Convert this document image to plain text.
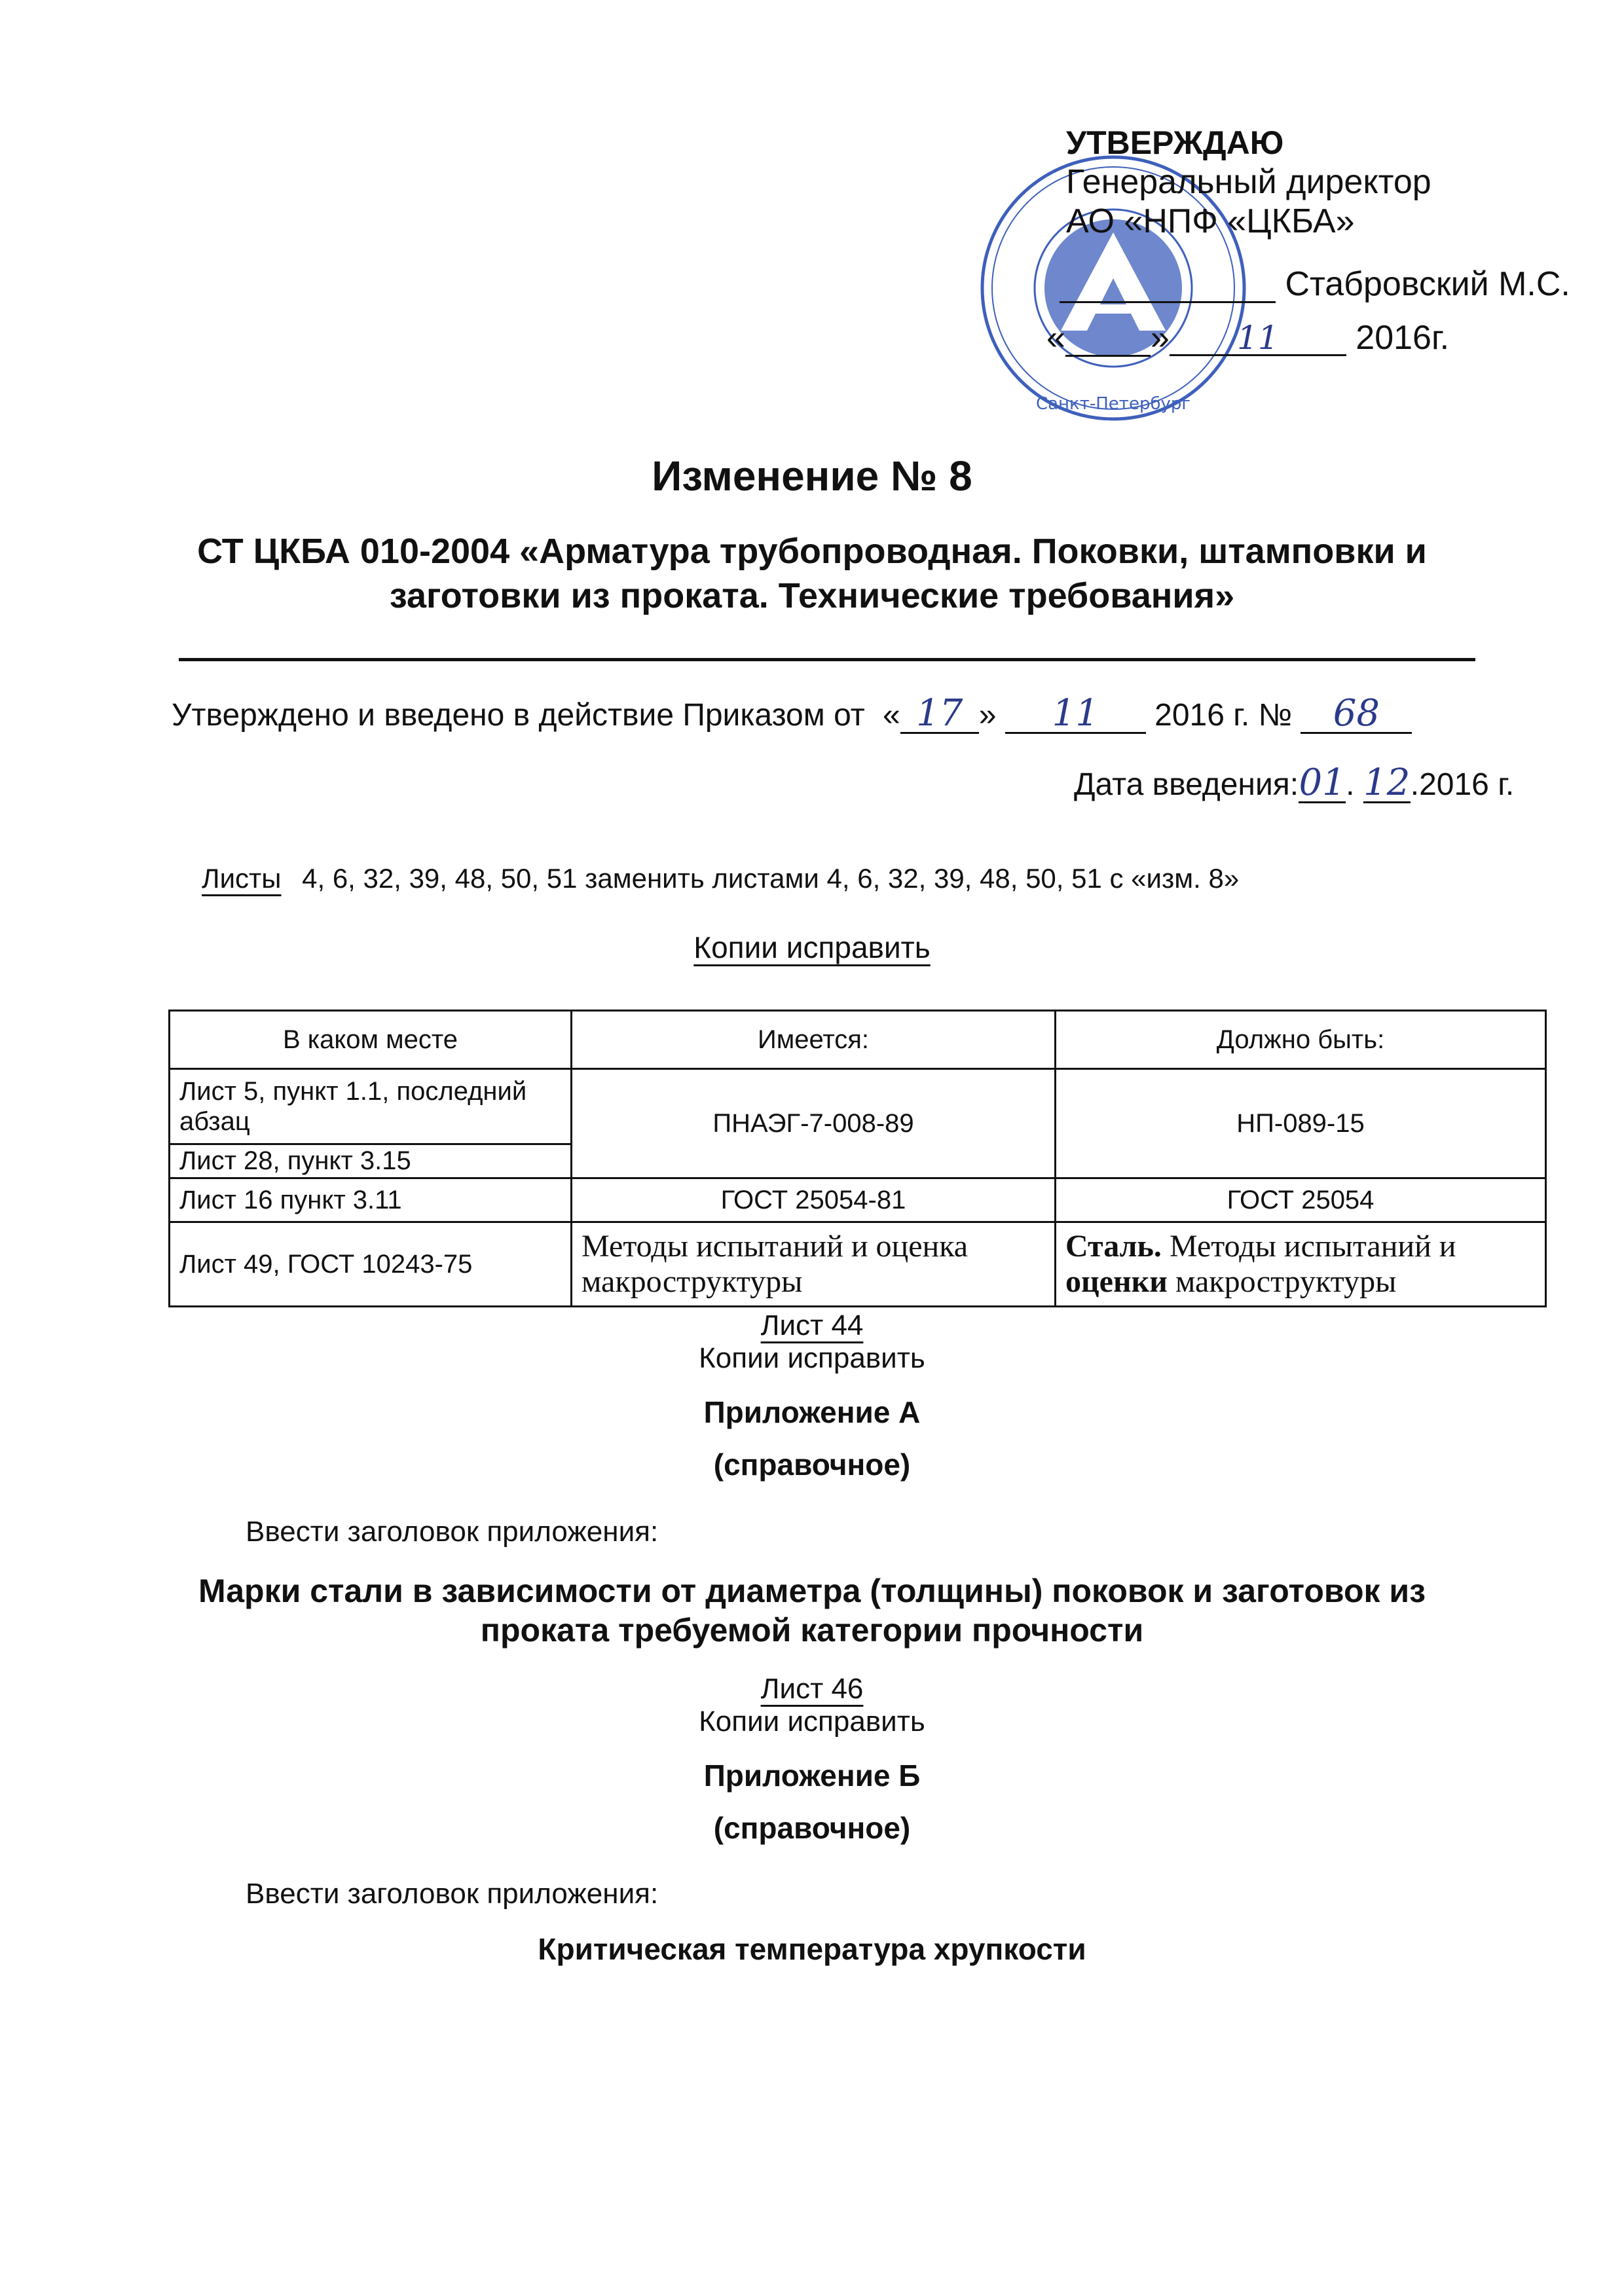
Санкт-Петербург
УТВЕРЖДАЮ
Генеральный директор
АО «НПФ «ЦКБА»
Стабровский М.С.
«	» 11 2016г.
Изменение № 8
СТ ЦКБА 010-2004 «Арматура трубопроводная. Поковки, штамповки и
заготовки из проката. Технические требования»
Утверждено и введено в действие Приказом от « 17 » 11 2016 г. № 68
Дата введения:01. 12.2016 г.
Листы 4, 6, 32, 39, 48, 50, 51 заменить листами 4, 6, 32, 39, 48, 50, 51 с «изм. 8»
Копии исправить
В каком месте	Имеется:	Должно быть:
Лист 5, пункт 1.1, последний абзац	ПНАЭГ-7-008-89	НП-089-15
Лист 28, пункт 3.15		
Лист 16 пункт 3.11	ГОСТ 25054-81	ГОСТ 25054
Лист 49, ГОСТ 10243-75	Методы испытаний и оценка макроструктуры	Сталь. Методы испытаний и
оценки макроструктуры
Лист 44
Копии исправить
Приложение А
(справочное)
Ввести заголовок приложения:
Марки стали в зависимости от диаметра (толщины) поковок и заготовок из
проката требуемой категории прочности
Лист 46
Копии исправить
Приложение Б
(справочное)
Ввести заголовок приложения:
Критическая температура хрупкости
